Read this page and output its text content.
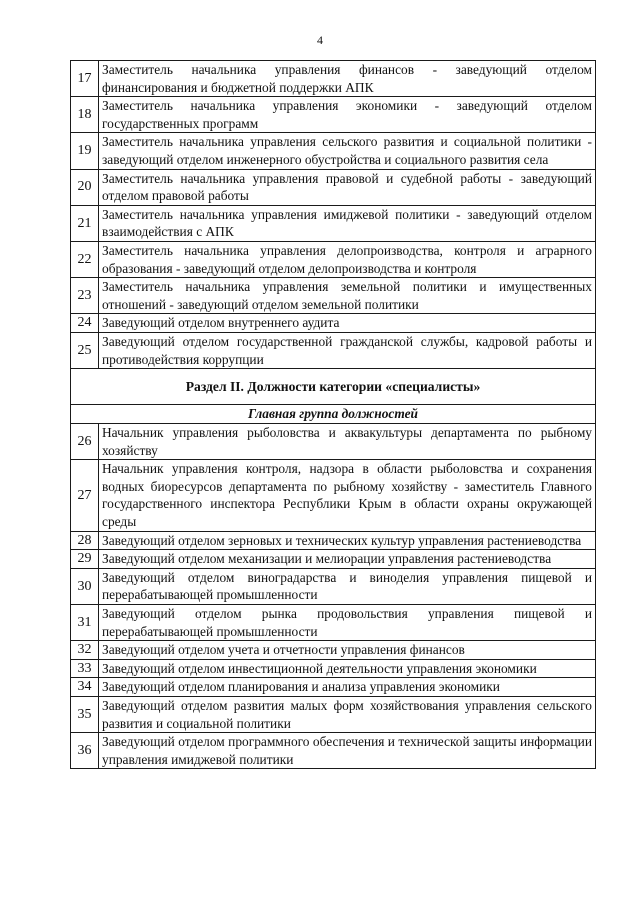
4
17	Заместитель начальника управления финансов - заведующий отделом финансирования и бюджетной поддержки АПК
18	Заместитель начальника управления экономики - заведующий отделом государственных программ
19	Заместитель начальника управления сельского развития и социальной политики - заведующий отделом инженерного обустройства и социального развития села
20	Заместитель начальника управления правовой и судебной работы - заведующий отделом правовой работы
21	Заместитель начальника управления имиджевой политики - заведующий отделом взаимодействия с АПК
22	Заместитель начальника управления делопроизводства, контроля и аграрного образования - заведующий отделом делопроизводства и контроля
23	Заместитель начальника управления земельной политики и имущественных отношений - заведующий отделом земельной политики
24	Заведующий отделом внутреннего аудита
25	Заведующий отделом государственной гражданской службы, кадровой работы и противодействия коррупции
Раздел II. Должности категории «специалисты»	
Главная группа должностей	
26	Начальник управления рыболовства и аквакультуры департамента по рыбному хозяйству
27	Начальник управления контроля, надзора в области рыболовства и сохранения водных биоресурсов департамента по рыбному хозяйству - заместитель Главного государственного инспектора Республики Крым в области охраны окружающей среды
28	Заведующий отделом зерновых и технических культур управления растениеводства
29	Заведующий отделом механизации и мелиорации управления растениеводства
30	Заведующий отделом виноградарства и виноделия управления пищевой и перерабатывающей промышленности
31	Заведующий отделом рынка продовольствия управления пищевой и перерабатывающей промышленности
32	Заведующий отделом учета и отчетности управления финансов
33	Заведующий отделом инвестиционной деятельности управления экономики
34	Заведующий отделом планирования и анализа управления экономики
35	Заведующий отделом развития малых форм хозяйствования управления сельского развития и социальной политики
36	Заведующий отделом программного обеспечения и технической защиты информации управления имиджевой политики
